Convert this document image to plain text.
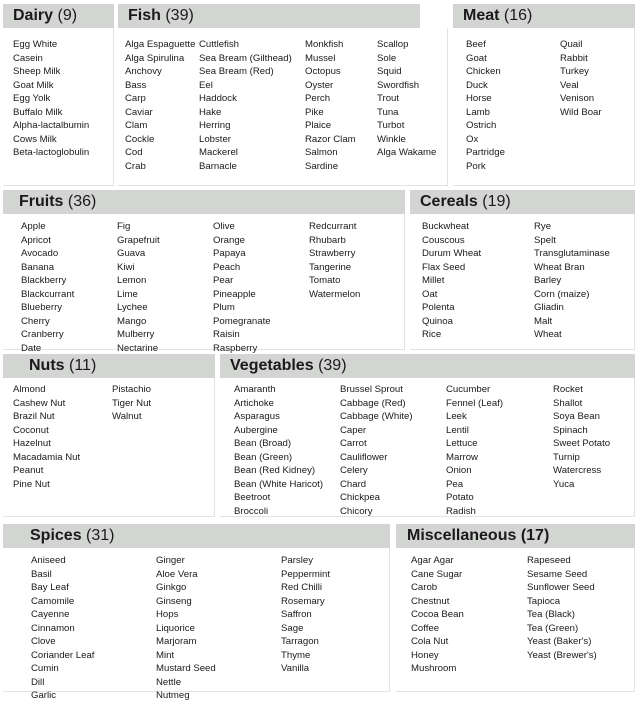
Dairy (9)
Egg White
Casein
Sheep Milk
Goat Milk
Egg Yolk
Buffalo Milk
Alpha-lactalbumin
Cows Milk
Beta-lactoglobulin
Fish (39)
Alga Espaguette
Alga Spirulina
Anchovy
Bass
Carp
Caviar
Clam
Cockle
Cod
Crab
Cuttlefish
Sea Bream (Gilthead)
Sea Bream (Red)
Eel
Haddock
Hake
Herring
Lobster
Mackerel
Barnacle
Monkfish
Mussel
Octopus
Oyster
Perch
Pike
Plaice
Razor Clam
Salmon
Sardine
Scallop
Sole
Squid
Swordfish
Trout
Tuna
Turbot
Winkle
Alga Wakame
Meat (16)
Beef
Goat
Chicken
Duck
Horse
Lamb
Ostrich
Ox
Partridge
Pork
Quail
Rabbit
Turkey
Veal
Venison
Wild Boar
Fruits (36)
Apple
Apricot
Avocado
Banana
Blackberry
Blackcurrant
Blueberry
Cherry
Cranberry
Date
Fig
Grapefruit
Guava
Kiwi
Lemon
Lime
Lychee
Mango
Mulberry
Nectarine
Olive
Orange
Papaya
Peach
Pear
Pineapple
Plum
Pomegranate
Raisin
Raspberry
Redcurrant
Rhubarb
Strawberry
Tangerine
Tomato
Watermelon
Cereals (19)
Buckwheat
Couscous
Durum Wheat
Flax Seed
Millet
Oat
Polenta
Quinoa
Rice
Rye
Spelt
Transglutaminase
Wheat Bran
Barley
Corn (maize)
Gliadin
Malt
Wheat
Nuts (11)
Almond
Cashew Nut
Brazil Nut
Coconut
Hazelnut
Macadamia Nut
Peanut
Pine Nut
Pistachio
Tiger Nut
Walnut
Vegetables (39)
Amaranth
Artichoke
Asparagus
Aubergine
Bean (Broad)
Bean (Green)
Bean (Red Kidney)
Bean (White Haricot)
Beetroot
Broccoli
Brussel Sprout
Cabbage (Red)
Cabbage (White)
Caper
Carrot
Cauliflower
Celery
Chard
Chickpea
Chicory
Cucumber
Fennel (Leaf)
Leek
Lentil
Lettuce
Marrow
Onion
Pea
Potato
Radish
Rocket
Shallot
Soya Bean
Spinach
Sweet Potato
Turnip
Watercress
Yuca
Spices (31)
Aniseed
Basil
Bay Leaf
Camomile
Cayenne
Cinnamon
Clove
Coriander Leaf
Cumin
Dill
Garlic
Ginger
Aloe Vera
Ginkgo
Ginseng
Hops
Liquorice
Marjoram
Mint
Mustard Seed
Nettle
Nutmeg
Parsley
Peppermint
Red Chilli
Rosemary
Saffron
Sage
Tarragon
Thyme
Vanilla
Miscellaneous (17)
Agar Agar
Cane Sugar
Carob
Chestnut
Cocoa Bean
Coffee
Cola Nut
Honey
Mushroom
Rapeseed
Sesame Seed
Sunflower Seed
Tapioca
Tea (Black)
Tea (Green)
Yeast (Baker's)
Yeast (Brewer's)
